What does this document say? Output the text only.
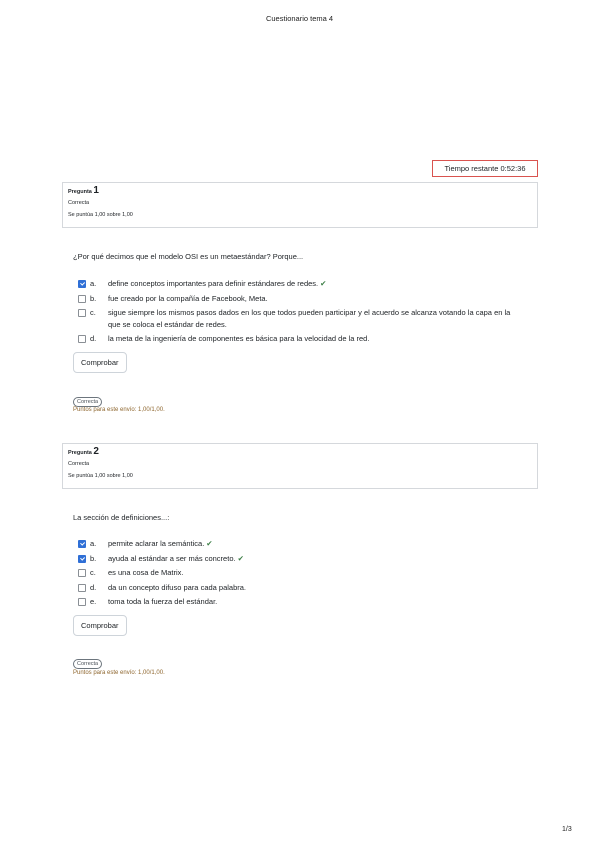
Cuestionario tema 4
Tiempo restante 0:52:36
Pregunta 1
Correcta
Se puntúa 1,00 sobre 1,00
¿Por qué decimos que el modelo OSI es un metaestándar? Porque...
a. define conceptos importantes para definir estándares de redes. ✔
b. fue creado por la compañía de Facebook, Meta.
c. sigue siempre los mismos pasos dados en los que todos pueden participar y el acuerdo se alcanza votando la capa en la que se coloca el estándar de redes.
d. la meta de la ingeniería de componentes es básica para la velocidad de la red.
Comprobar
Correcta
Puntos para este envío: 1,00/1,00.
Pregunta 2
Correcta
Se puntúa 1,00 sobre 1,00
La sección de definiciones...:
a. permite aclarar la semántica. ✔
b. ayuda al estándar a ser más concreto. ✔
c. es una cosa de Matrix.
d. da un concepto difuso para cada palabra.
e. toma toda la fuerza del estándar.
Comprobar
Correcta
Puntos para este envío: 1,00/1,00.
1/3
